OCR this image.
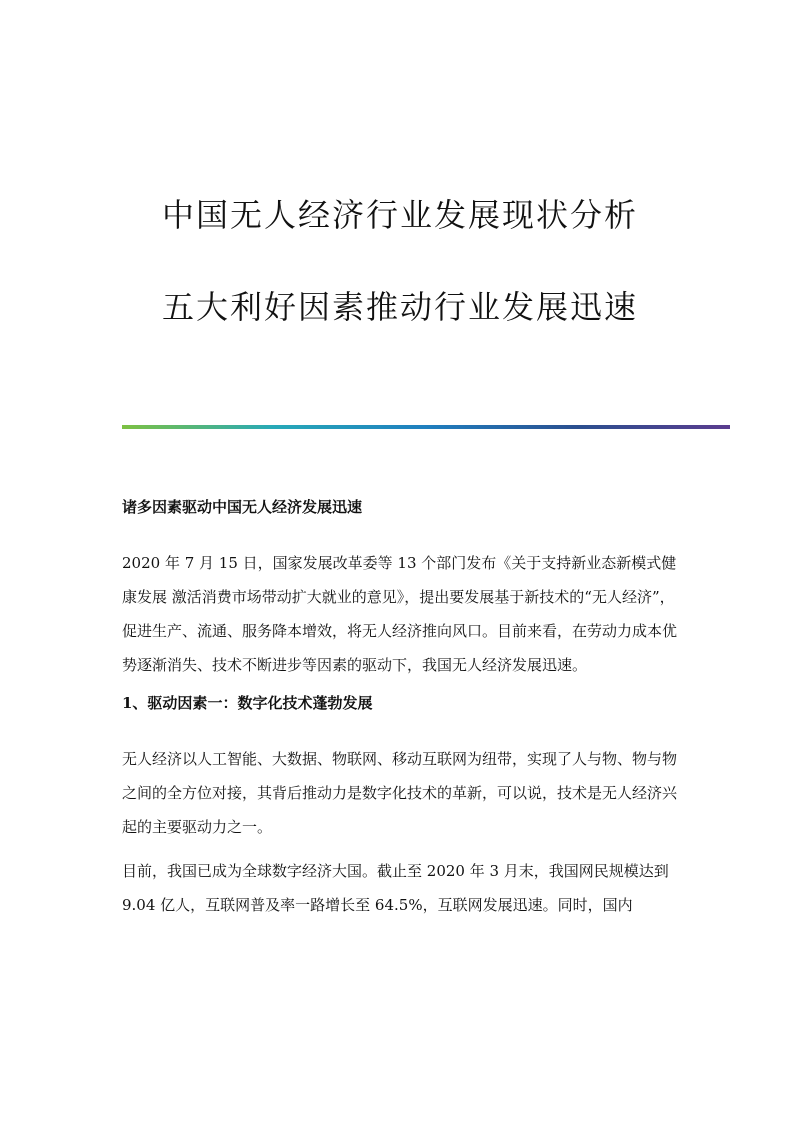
中国无人经济行业发展现状分析
五大利好因素推动行业发展迅速

诸多因素驱动中国无人经济发展迅速

2020 年 7 月 15 日，国家发展改革委等 13 个部门发布《关于支持新业态新模式健康发展 激活消费市场带动扩大就业的意见》，提出要发展基于新技术的“无人经济”，促进生产、流通、服务降本增效，将无人经济推向风口。目前来看，在劳动力成本优势逐渐消失、技术不断进步等因素的驱动下，我国无人经济发展迅速。

1、驱动因素一：数字化技术蓬勃发展

无人经济以人工智能、大数据、物联网、移动互联网为纽带，实现了人与物、物与物之间的全方位对接，其背后推动力是数字化技术的革新，可以说，技术是无人经济兴起的主要驱动力之一。

目前，我国已成为全球数字经济大国。截止至 2020 年 3 月末，我国网民规模达到 9.04 亿人，互联网普及率一路增长至 64.5%，互联网发展迅速。同时，国内
